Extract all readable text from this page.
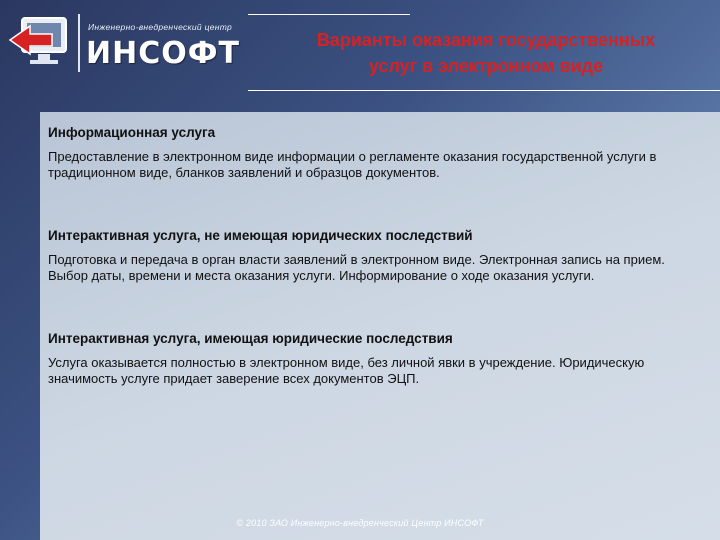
Инженерно-внедренческий центр
ИНСОФТ	Варианты оказания государственных
услуг в электронном виде

Информационная услуга

Предоставление в электронном виде информации о регламенте оказания государственной услуги в традиционном виде, бланков заявлений и образцов документов.

Интерактивная услуга, не имеющая юридических последствий

Подготовка и передача в орган власти заявлений в электронном виде. Электронная запись на прием. Выбор даты, времени и места оказания услуги. Информирование о ходе оказания услуги.

Интерактивная услуга, имеющая юридические последствия

Услуга оказывается полностью в электронном виде, без личной явки в учреждение. Юридическую значимость услуге придает заверение всех документов ЭЦП.

© 2010 ЗАО Инженерно-внедренческий Центр ИНСОФТ
